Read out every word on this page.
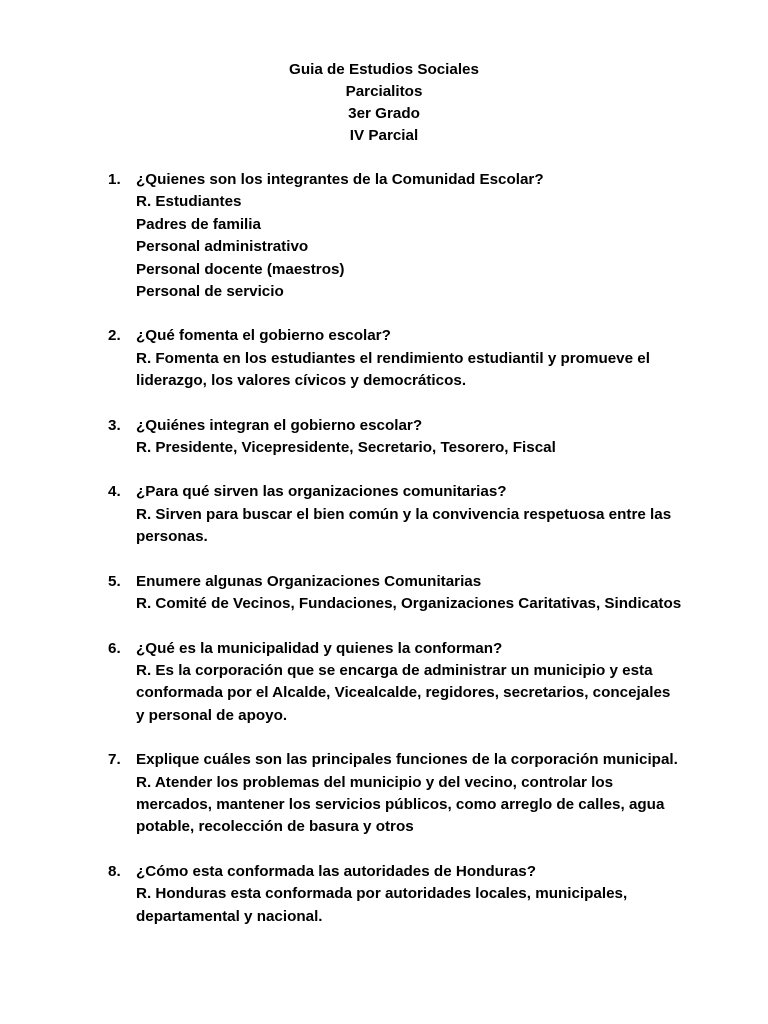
Guia de Estudios Sociales
Parcialitos
3er Grado
IV Parcial
1. ¿Quienes son los integrantes de la Comunidad Escolar?
R. Estudiantes
Padres de familia
Personal administrativo
Personal docente (maestros)
Personal de servicio
2. ¿Qué fomenta el gobierno escolar?
R. Fomenta en los estudiantes el rendimiento estudiantil y promueve el
liderazgo, los valores cívicos y democráticos.
3. ¿Quiénes integran el gobierno escolar?
R. Presidente, Vicepresidente, Secretario, Tesorero, Fiscal
4. ¿Para qué sirven las organizaciones comunitarias?
R. Sirven para buscar el bien común y la convivencia respetuosa entre las
personas.
5. Enumere algunas Organizaciones Comunitarias
R. Comité de Vecinos, Fundaciones, Organizaciones Caritativas, Sindicatos
6. ¿Qué es la municipalidad y quienes la conforman?
R. Es la corporación que se encarga de administrar un municipio y esta
conformada por el Alcalde, Vicealcalde, regidores, secretarios, concejales
y personal de apoyo.
7. Explique cuáles son las principales funciones de la corporación municipal.
R. Atender los problemas del municipio y del vecino, controlar los
mercados, mantener los servicios públicos, como arreglo de calles, agua
potable, recolección de basura y otros
8. ¿Cómo esta conformada las autoridades de Honduras?
R. Honduras esta conformada por autoridades locales, municipales,
departamental y nacional.
